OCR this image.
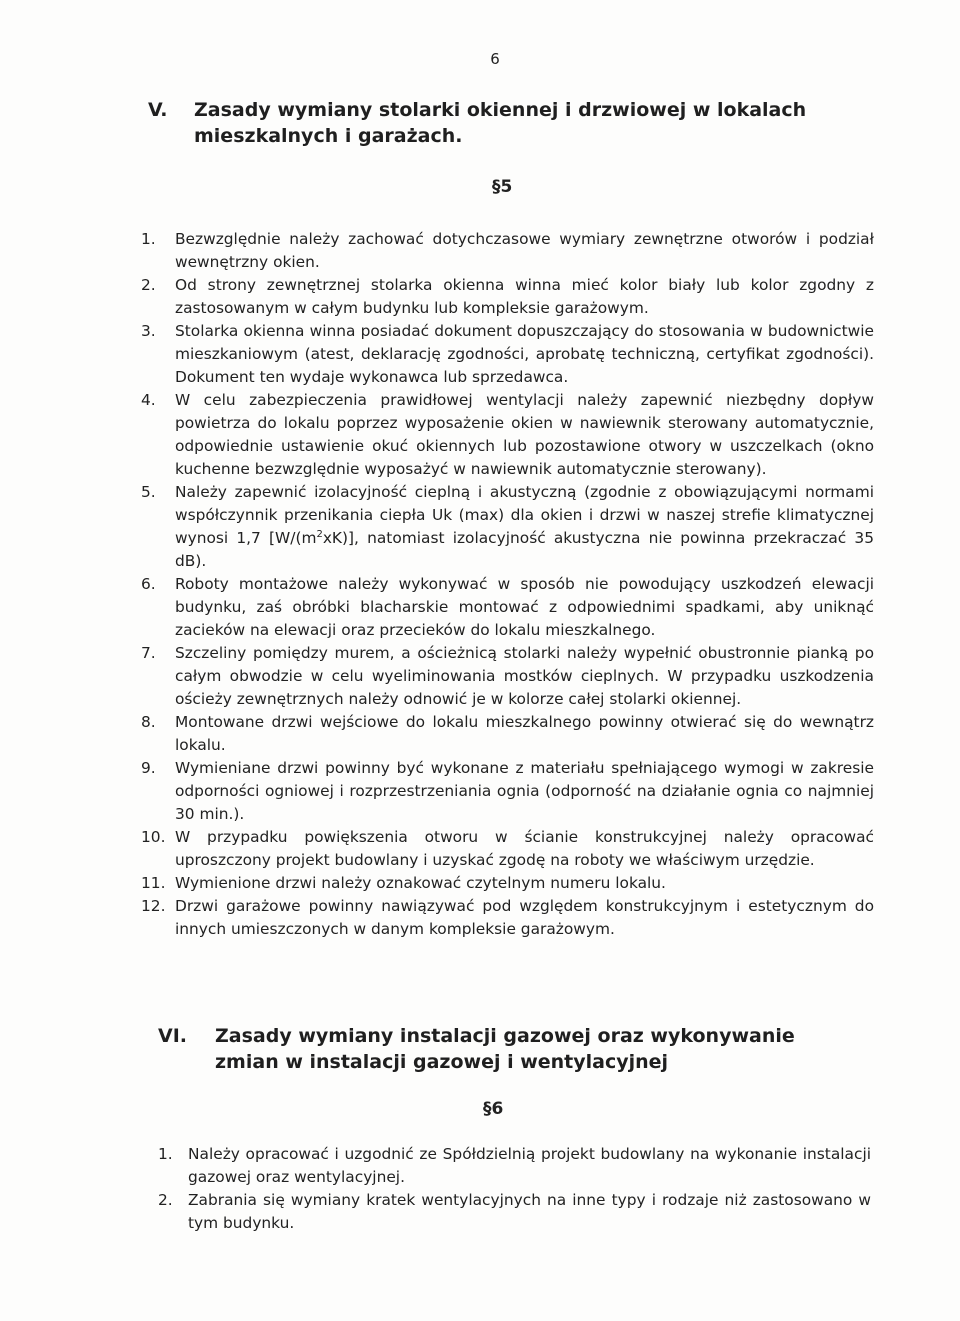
6
V.	Zasady wymiany stolarki okiennej i drzwiowej w lokalach mieszkalnych i garażach.
§5
1.	Bezwzględnie należy zachować dotychczasowe wymiary zewnętrzne otworów i podział wewnętrzny okien.
2.	Od strony zewnętrznej stolarka okienna winna mieć kolor biały lub kolor zgodny z zastosowanym w całym budynku lub kompleksie garażowym.
3.	Stolarka okienna winna posiadać dokument dopuszczający do stosowania w budownictwie mieszkaniowym (atest, deklarację zgodności, aprobatę techniczną, certyfikat zgodności). Dokument ten wydaje wykonawca lub sprzedawca.
4.	W celu zabezpieczenia prawidłowej wentylacji należy zapewnić niezbędny dopływ powietrza do lokalu poprzez wyposażenie okien w nawiewnik sterowany automatycznie, odpowiednie ustawienie okuć okiennych lub pozostawione otwory w uszczelkach (okno kuchenne bezwzględnie wyposażyć w nawiewnik automatycznie sterowany).
5.	Należy zapewnić izolacyjność cieplną i akustyczną (zgodnie z obowiązującymi normami współczynnik przenikania ciepła Uk (max) dla okien i drzwi w naszej strefie klimatycznej wynosi 1,7 $[W/(m^2xK)]$, natomiast izolacyjność akustyczna nie powinna przekraczać 35 dB).
6.	Roboty montażowe należy wykonywać w sposób nie powodujący uszkodzeń elewacji budynku, zaś obróbki blacharskie montować z odpowiednimi spadkami, aby uniknąć zacieków na elewacji oraz przecieków do lokalu mieszkalnego.
7.	Szczeliny pomiędzy murem, a ościeżnicą stolarki należy wypełnić obustronnie pianką po całym obwodzie w celu wyeliminowania mostków cieplnych. W przypadku uszkodzenia ościeży zewnętrznych należy odnowić je w kolorze całej stolarki okiennej.
8.	Montowane drzwi wejściowe do lokalu mieszkalnego powinny otwierać się do wewnątrz lokalu.
9.	Wymieniane drzwi powinny być wykonane z materiału spełniającego wymogi w zakresie odporności ogniowej i rozprzestrzeniania ognia (odporność na działanie ognia co najmniej 30 min.).
10. W przypadku powiększenia otworu w ścianie konstrukcyjnej należy opracować uproszczony projekt budowlany i uzyskać zgodę na roboty we właściwym urzędzie.
11. Wymienione drzwi należy oznakować czytelnym numeru lokalu.
12. Drzwi garażowe powinny nawiązywać pod względem konstrukcyjnym i estetycznym do innych umieszczonych w danym kompleksie garażowym.
VI.	Zasady wymiany instalacji gazowej oraz wykonywanie zmian w instalacji gazowej i wentylacyjnej
§6
1. Należy opracować i uzgodnić ze Spółdzielnią projekt budowlany na wykonanie instalacji gazowej oraz wentylacyjnej.
2. Zabrania się wymiany kratek wentylacyjnych na inne typy i rodzaje niż zastosowano w tym budynku.
